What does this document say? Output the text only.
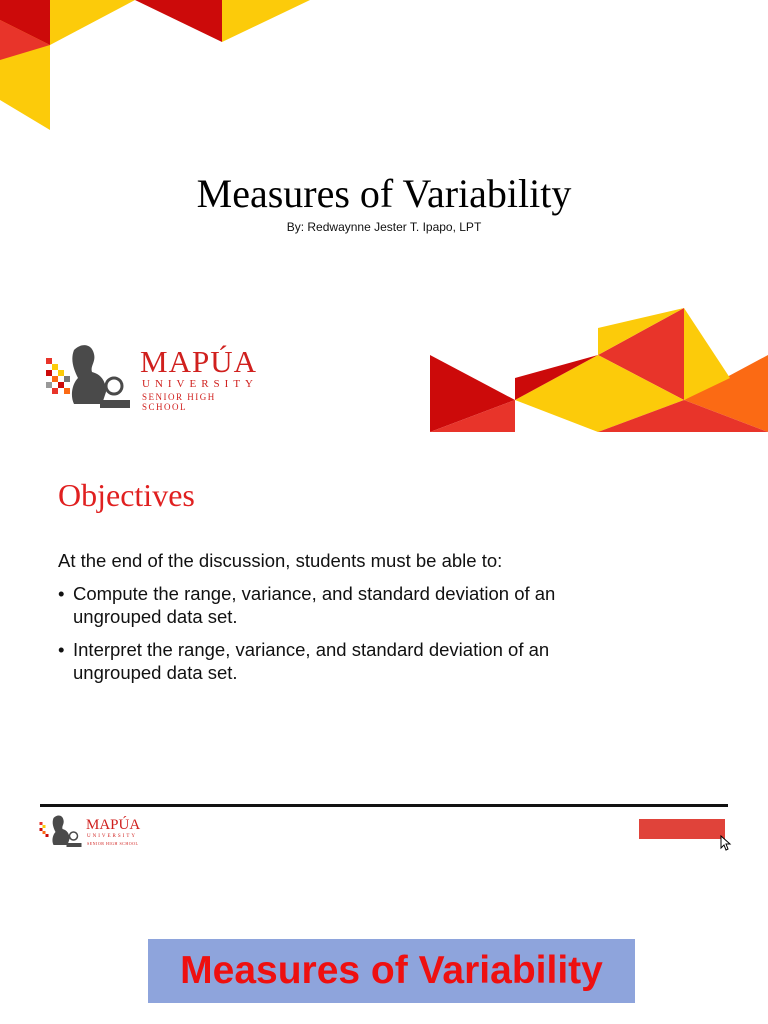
Measures of Variability
By: Redwaynne Jester T. Ipapo, LPT
MAPÚA
UNIVERSITY
SENIOR HIGH SCHOOL
Objectives
At the end of the discussion, students must be able to:
• Compute the range, variance, and standard deviation of an ungrouped data set.
• Interpret the range, variance, and standard deviation of an ungrouped data set.
MAPÚA
UNIVERSITY
SENIOR HIGH SCHOOL
Measures of Variability
